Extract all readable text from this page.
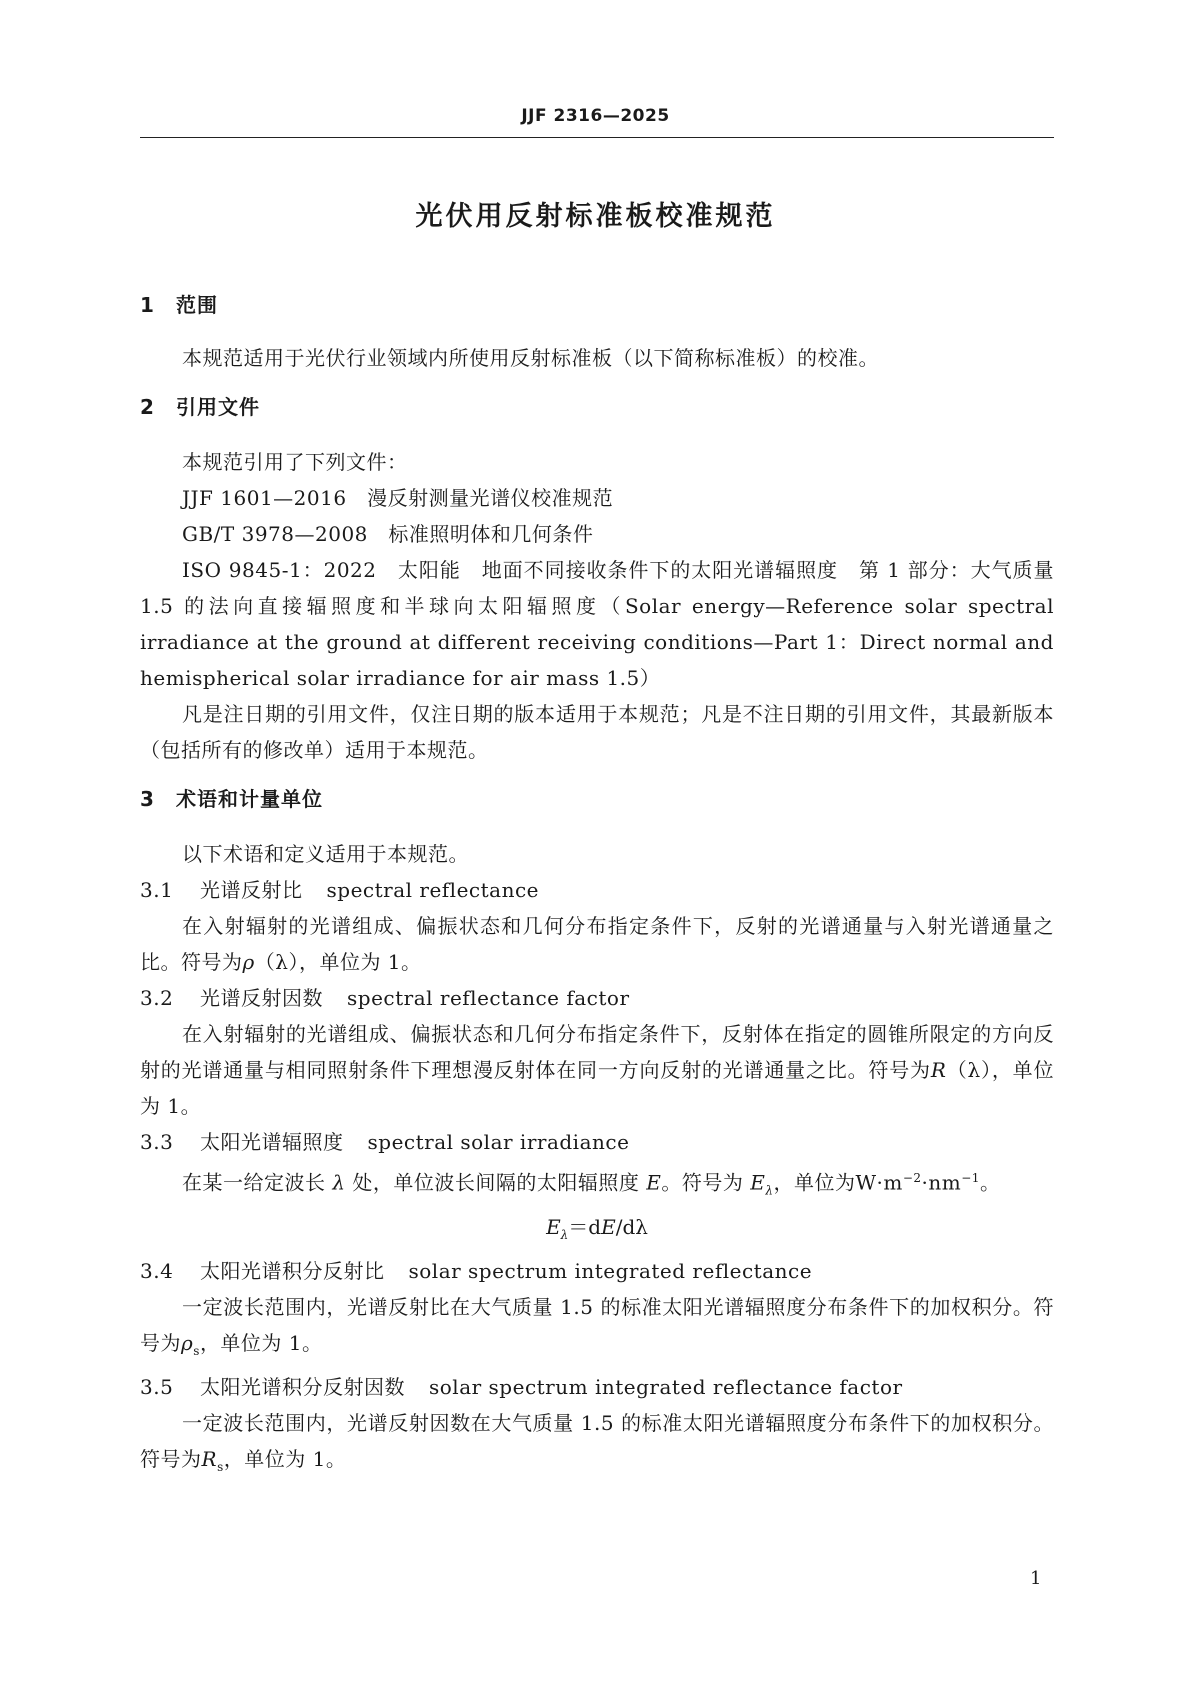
JJF 2316—2025
光伏用反射标准板校准规范
1 范围
本规范适用于光伏行业领域内所使用反射标准板（以下简称标准板）的校准。
2 引用文件
本规范引用了下列文件：
JJF 1601—2016　漫反射测量光谱仪校准规范
GB/T 3978—2008　标准照明体和几何条件
ISO 9845-1：2022　太阳能　地面不同接收条件下的太阳光谱辐照度　第 1 部分：大气质量 1.5 的法向直接辐照度和半球向太阳辐照度（Solar energy—Reference solar spectral irradiance at the ground at different receiving conditions—Part 1：Direct normal and hemispherical solar irradiance for air mass 1.5）
凡是注日期的引用文件，仅注日期的版本适用于本规范；凡是不注日期的引用文件，其最新版本（包括所有的修改单）适用于本规范。
3 术语和计量单位
以下术语和定义适用于本规范。
3.1 光谱反射比 spectral reflectance
在入射辐射的光谱组成、偏振状态和几何分布指定条件下，反射的光谱通量与入射光谱通量之比。符号为ρ（λ），单位为 1。
3.2 光谱反射因数 spectral reflectance factor
在入射辐射的光谱组成、偏振状态和几何分布指定条件下，反射体在指定的圆锥所限定的方向反射的光谱通量与相同照射条件下理想漫反射体在同一方向反射的光谱通量之比。符号为R（λ），单位为 1。
3.3 太阳光谱辐照度 spectral solar irradiance
在某一给定波长 λ 处，单位波长间隔的太阳辐照度 E。符号为 $E_\lambda$，单位为$W\cdot m^{-2}\cdot nm^{-1}$。
$E_\lambda=dE/d\lambda$
3.4 太阳光谱积分反射比 solar spectrum integrated reflectance
一定波长范围内，光谱反射比在大气质量 1.5 的标准太阳光谱辐照度分布条件下的加权积分。符号为$\rho_s$，单位为 1。
3.5 太阳光谱积分反射因数 solar spectrum integrated reflectance factor
一定波长范围内，光谱反射因数在大气质量 1.5 的标准太阳光谱辐照度分布条件下的加权积分。符号为$R_s$，单位为 1。
1
